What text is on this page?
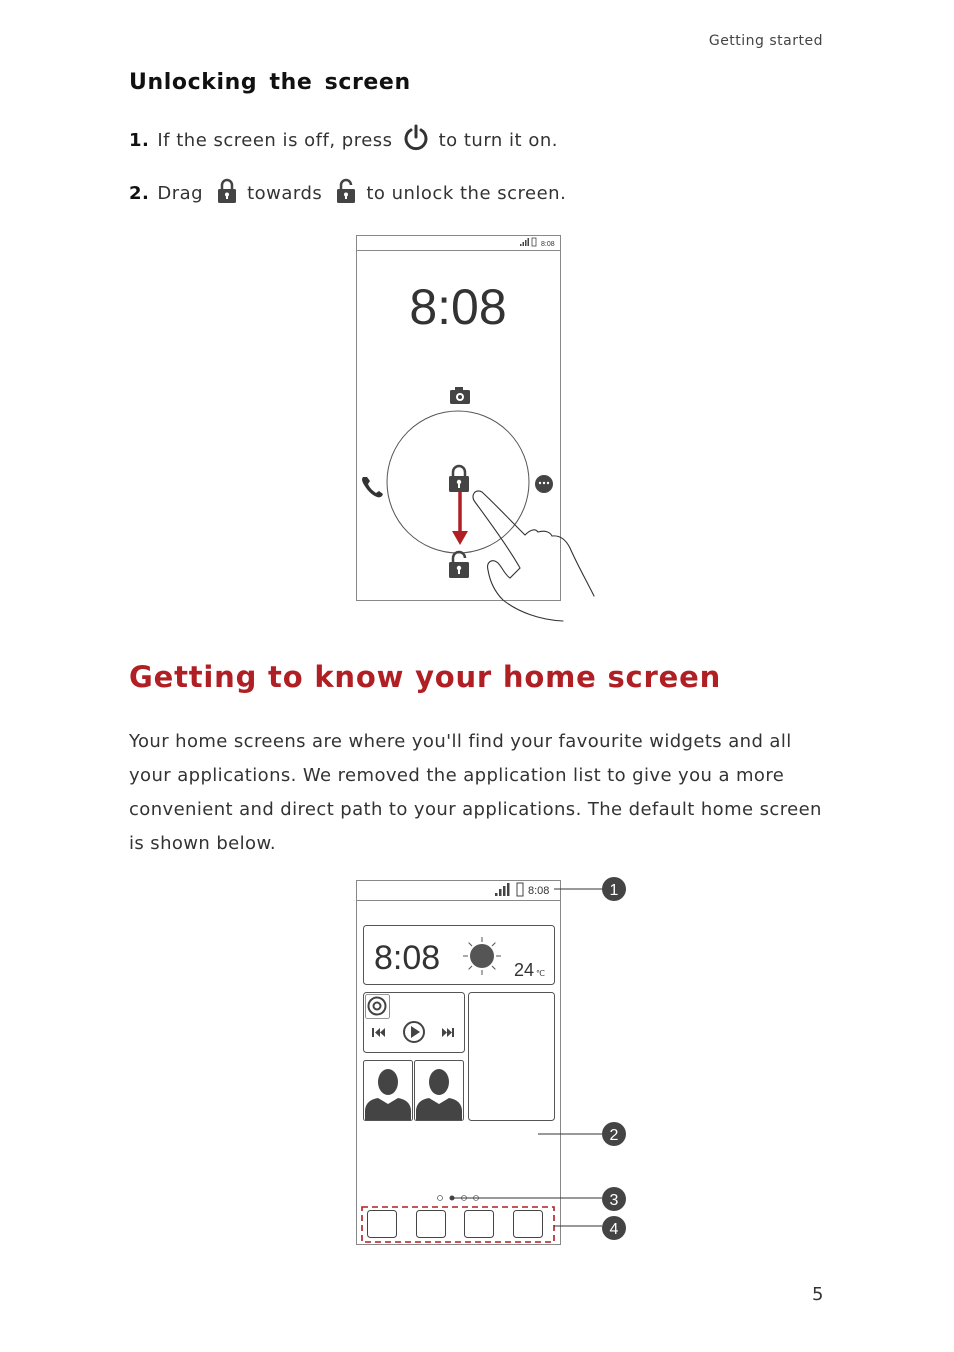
Getting started
Unlocking the screen
1. If the screen is off, press	to turn it on.
2. Drag towards to unlock the screen.
8:08
8:08
Getting to know your home screen
Your home screens are where you'll find your favourite widgets and all your applications. We removed the application list to give you a more convenient and direct path to your applications. The default home screen is shown below.
8:08
8:08	24 ℃
1
2
3
4
5
